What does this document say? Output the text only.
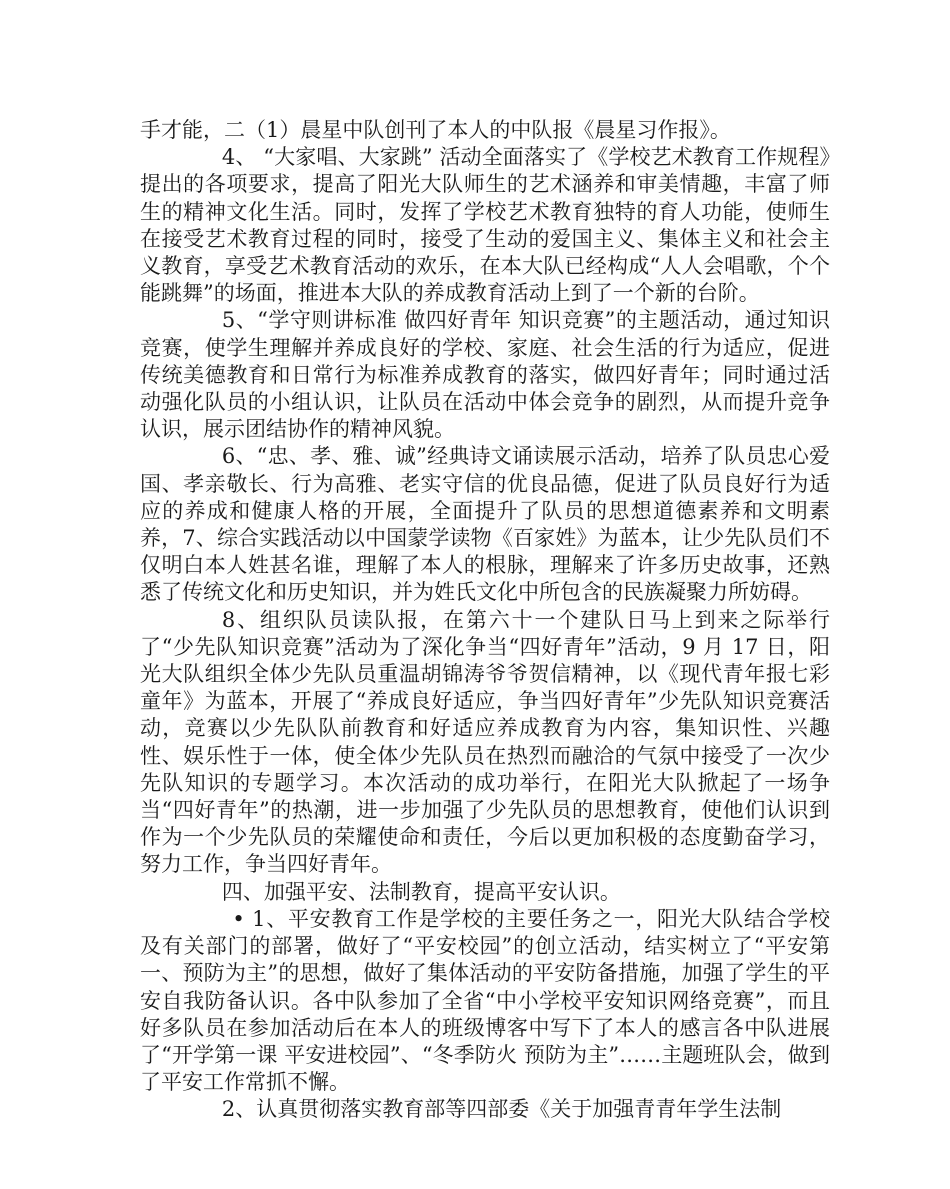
手才能，二（1）晨星中队创刊了本人的中队报《晨星习作报》。

4、 “大家唱、大家跳” 活动全面落实了《学校艺术教育工作规程》提出的各项要求，提高了阳光大队师生的艺术涵养和审美情趣，丰富了师生的精神文化生活。同时，发挥了学校艺术教育独特的育人功能，使师生在接受艺术教育过程的同时，接受了生动的爱国主义、集体主义和社会主义教育，享受艺术教育活动的欢乐，在本大队已经构成“人人会唱歌，个个能跳舞”的场面，推进本大队的养成教育活动上到了一个新的台阶。

5、“学守则讲标准 做四好青年 知识竞赛”的主题活动，通过知识竞赛，使学生理解并养成良好的学校、家庭、社会生活的行为适应，促进传统美德教育和日常行为标准养成教育的落实，做四好青年；同时通过活动强化队员的小组认识，让队员在活动中体会竞争的剧烈，从而提升竞争认识，展示团结协作的精神风貌。

6、“忠、孝、雅、诚”经典诗文诵读展示活动，培养了队员忠心爱国、孝亲敬长、行为高雅、老实守信的优良品德，促进了队员良好行为适应的养成和健康人格的开展，全面提升了队员的思想道德素养和文明素养，7、综合实践活动以中国蒙学读物《百家姓》为蓝本，让少先队员们不仅明白本人姓甚名谁，理解了本人的根脉，理解来了许多历史故事，还熟悉了传统文化和历史知识，并为姓氏文化中所包含的民族凝聚力所妨碍。

8、组织队员读队报，在第六十一个建队日马上到来之际举行了“少先队知识竞赛”活动为了深化争当“四好青年”活动，9 月 17 日，阳光大队组织全体少先队员重温胡锦涛爷爷贺信精神，以《现代青年报七彩童年》为蓝本，开展了“养成良好适应，争当四好青年”少先队知识竞赛活动，竞赛以少先队队前教育和好适应养成教育为内容，集知识性、兴趣性、娱乐性于一体，使全体少先队员在热烈而融洽的气氛中接受了一次少先队知识的专题学习。本次活动的成功举行，在阳光大队掀起了一场争当“四好青年”的热潮，进一步加强了少先队员的思想教育，使他们认识到作为一个少先队员的荣耀使命和责任，今后以更加积极的态度勤奋学习，努力工作，争当四好青年。

四、加强平安、法制教育，提高平安认识。

• 1、平安教育工作是学校的主要任务之一，阳光大队结合学校及有关部门的部署，做好了“平安校园”的创立活动，结实树立了“平安第一、预防为主”的思想，做好了集体活动的平安防备措施，加强了学生的平安自我防备认识。各中队参加了全省“中小学校平安知识网络竞赛”，而且好多队员在参加活动后在本人的班级博客中写下了本人的感言各中队进展了“开学第一课 平安进校园”、“冬季防火 预防为主”……主题班队会，做到了平安工作常抓不懈。

2、认真贯彻落实教育部等四部委《关于加强青青年学生法制
